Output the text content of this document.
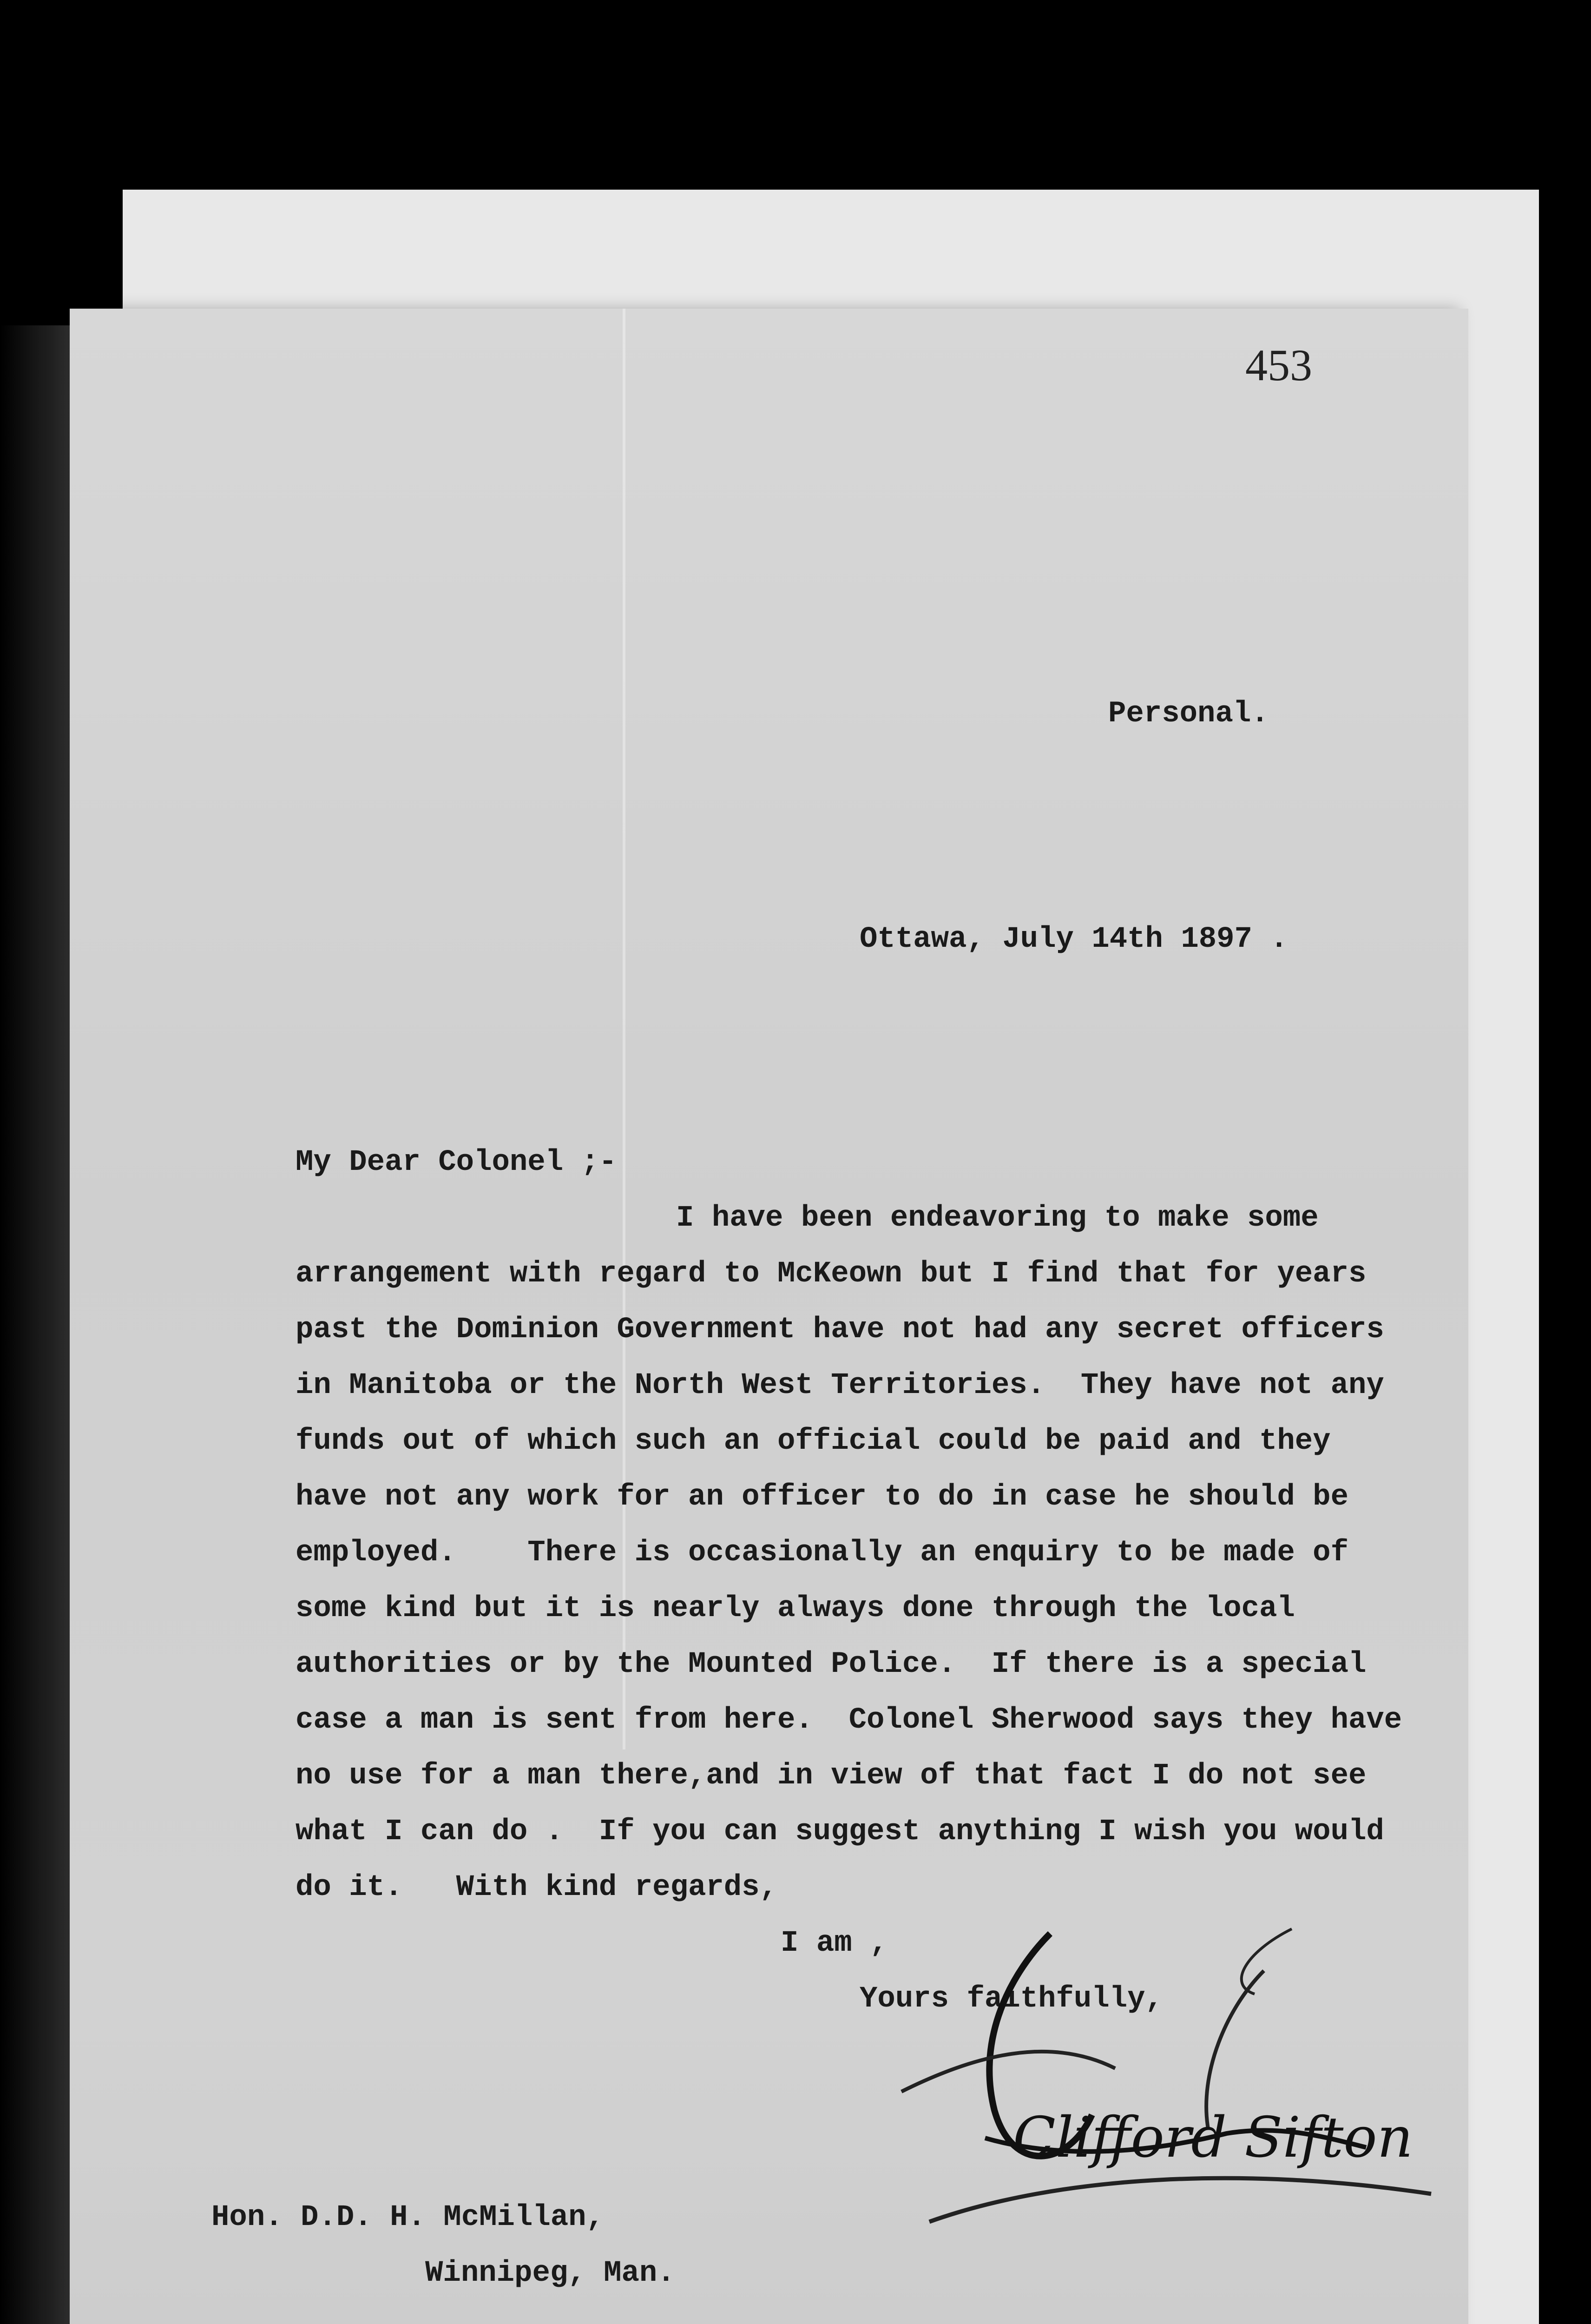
453
Personal.
Ottawa, July 14th 1897 .
My Dear Colonel ;-
I have been endeavoring to make some
arrangement with regard to McKeown but I find that for years
past the Dominion Government have not had any secret officers
in Manitoba or the North West Territories.  They have not any
funds out of which such an official could be paid and they
have not any work for an officer to do in case he should be
employed.    There is occasionally an enquiry to be made of
some kind but it is nearly always done through the local
authorities or by the Mounted Police.  If there is a special
case a man is sent from here.  Colonel Sherwood says they have
no use for a man there,and in view of that fact I do not see
what I can do .  If you can suggest anything I wish you would
do it.   With kind regards,
I am ,
Yours faithfully,
Clifford Sifton
Hon. D.D. H. McMillan,
Winnipeg, Man.
